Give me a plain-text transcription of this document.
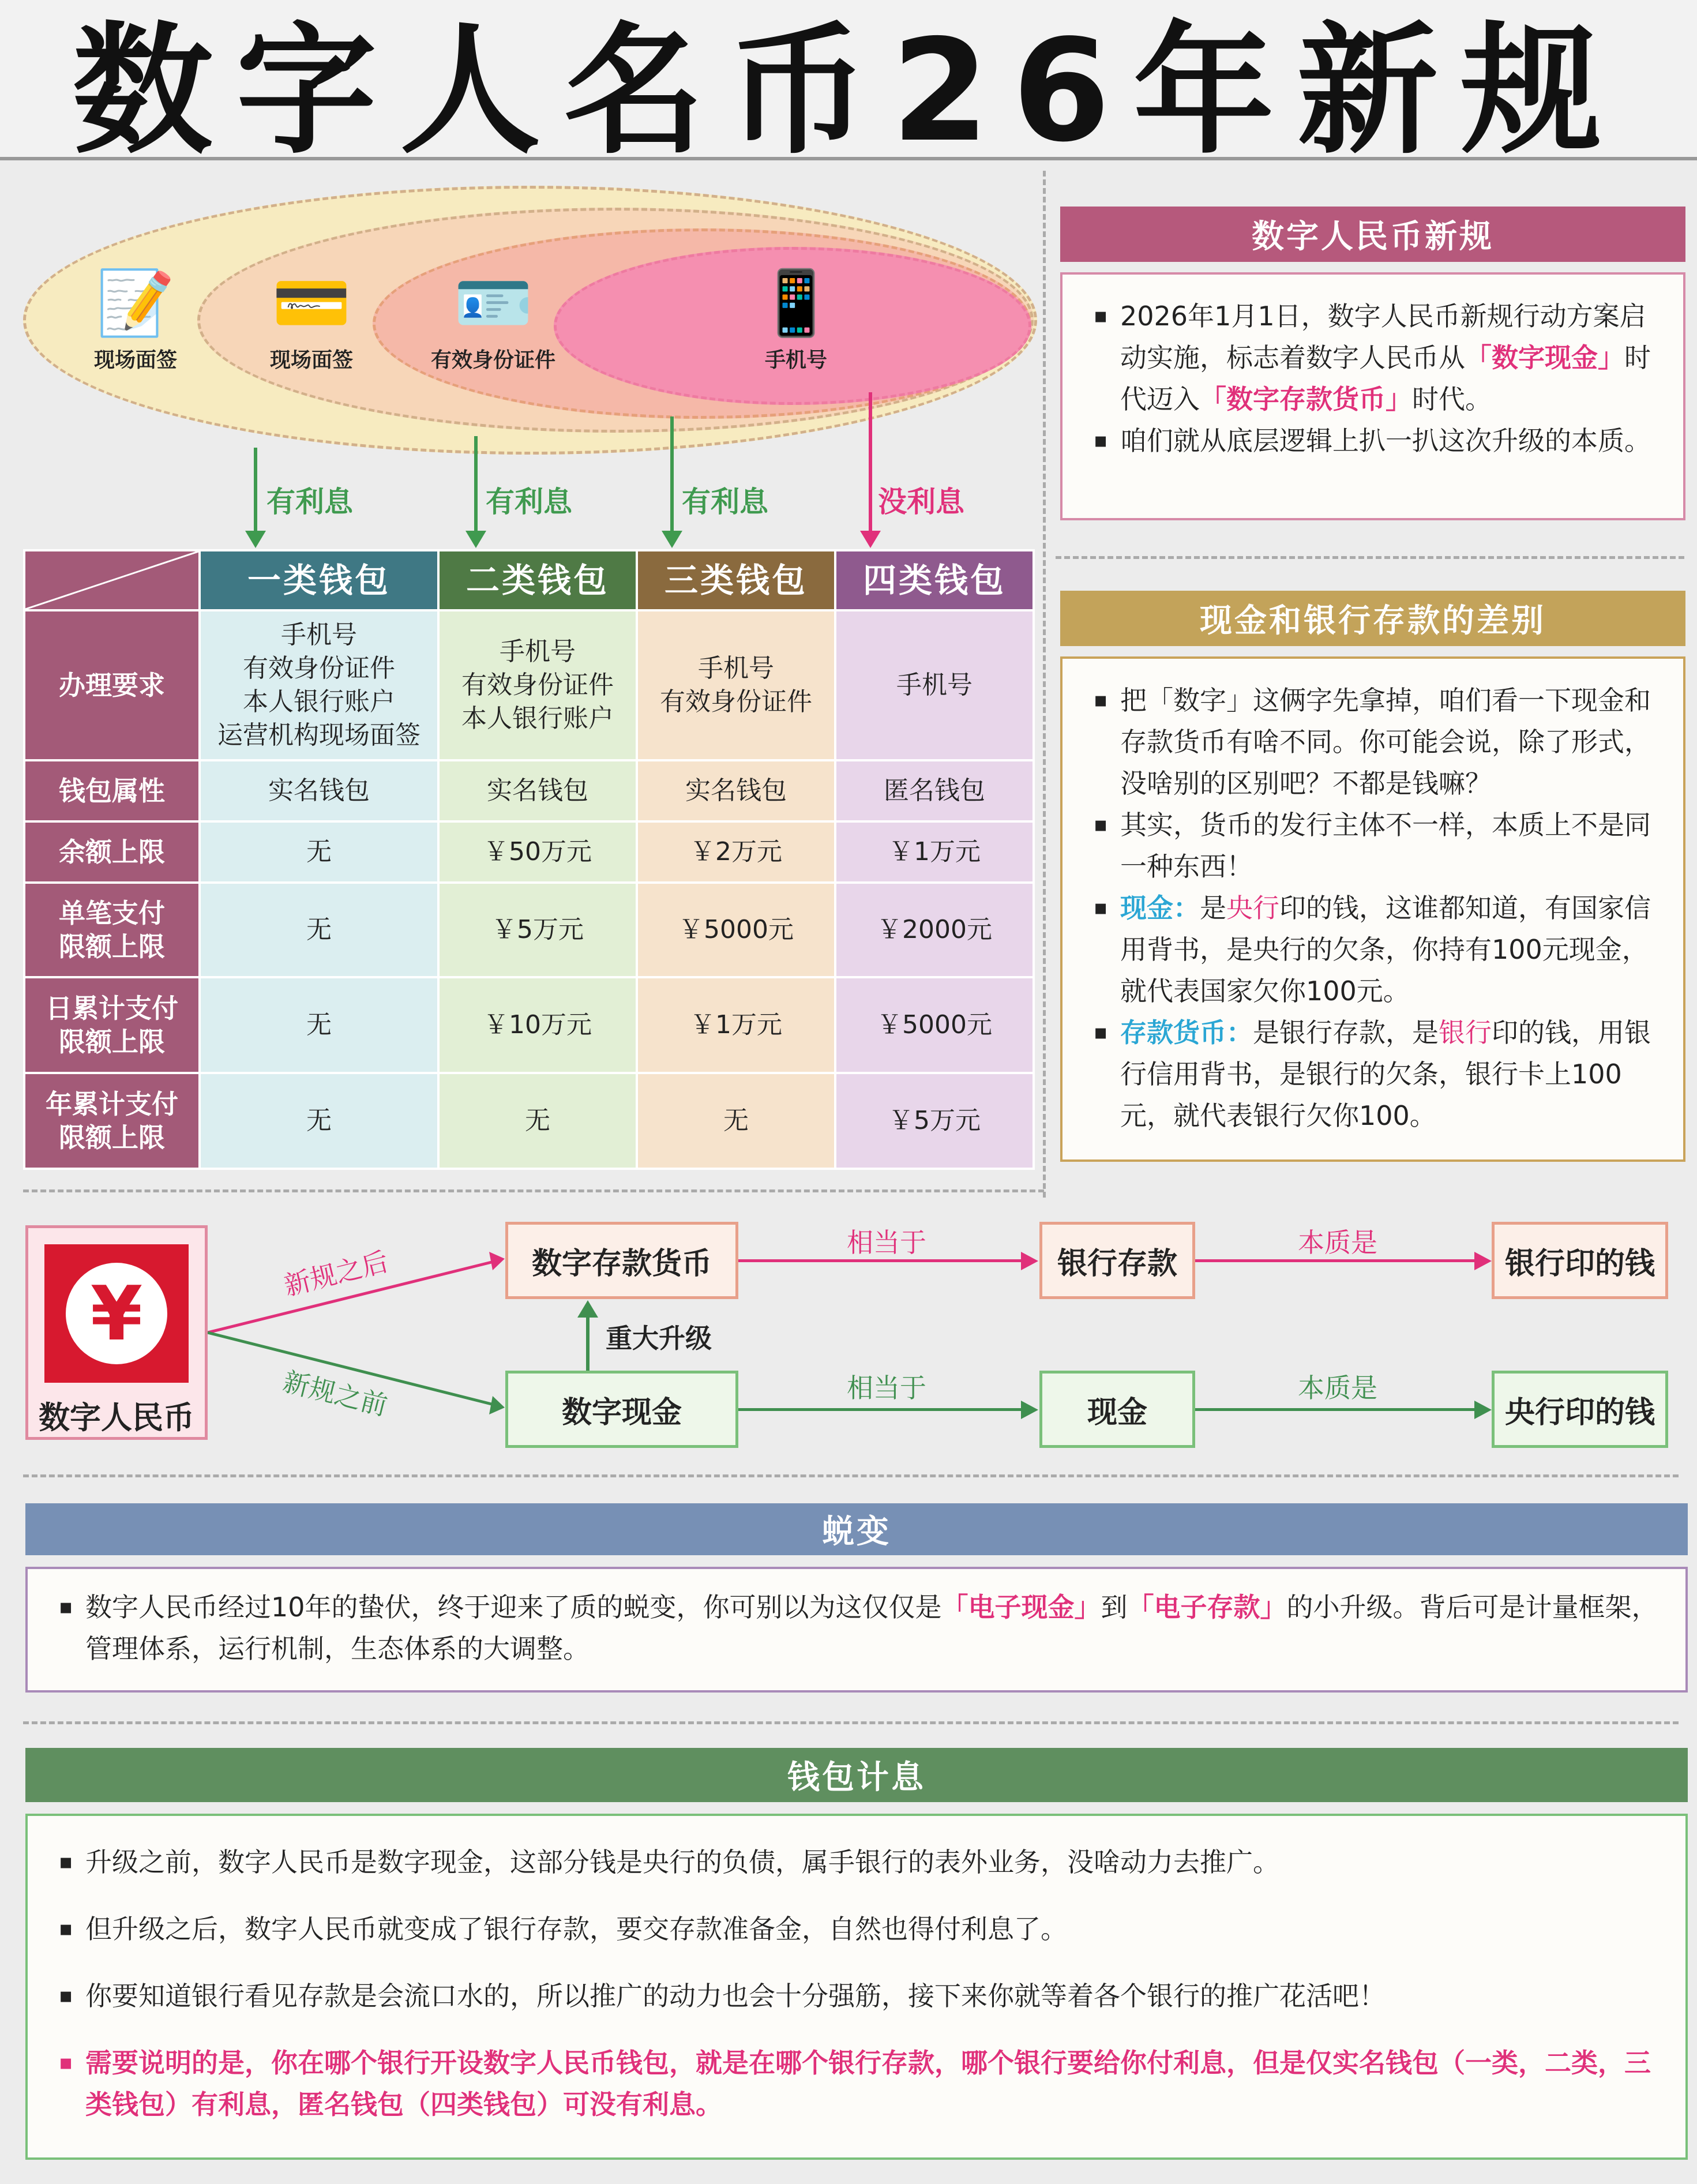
数字人名币26年新规
📝
现场面签
💳
现场面签
🪪
有效身份证件
📱
手机号
有利息	有利息	有利息	没利息
	一类钱包	二类钱包	三类钱包	四类钱包
办理要求	手机号
有效身份证件
本人银行账户
运营机构现场面签	手机号
有效身份证件
本人银行账户	手机号
有效身份证件	手机号
钱包属性	实名钱包	实名钱包	实名钱包	匿名钱包
余额上限	无	￥50万元	￥2万元	￥1万元
单笔支付
限额上限	无	￥5万元	￥5000元	￥2000元
日累计支付
限额上限	无	￥10万元	￥1万元	￥5000元
年累计支付
限额上限	无	无	无	￥5万元
数字人民币新规
▪ 2026年1月1日，数字人民币新规行动方案启动实施，标志着数字人民币从「数字现金」时代迈入「数字存款货币」时代。
▪ 咱们就从底层逻辑上扒一扒这次升级的本质。
现金和银行存款的差别
▪ 把「数字」这俩字先拿掉，咱们看一下现金和存款货币有啥不同。你可能会说，除了形式，没啥别的区别吧？不都是钱嘛？
▪ 其实，货币的发行主体不一样，本质上不是同一种东西！
▪ 现金：是央行印的钱，这谁都知道，有国家信用背书，是央行的欠条，你持有100元现金，就代表国家欠你100元。
▪ 存款货币：是银行存款，是银行印的钱，用银行信用背书，是银行的欠条，银行卡上100元，就代表银行欠你100。
¥
数字人民币
新规之后
新规之前
数字存款货币	银行存款	银行印的钱
数字现金	现金	央行印的钱
相当于	本质是
相当于	本质是
重大升级
蜕变
▪ 数字人民币经过10年的蛰伏，终于迎来了质的蜕变，你可别以为这仅仅是「电子现金」到「电子存款」的小升级。背后可是计量框架，管理体系，运行机制，生态体系的大调整。
钱包计息
▪ 升级之前，数字人民币是数字现金，这部分钱是央行的负债，属手银行的表外业务，没啥动力去推广。
▪ 但升级之后，数字人民币就变成了银行存款，要交存款准备金，自然也得付利息了。
▪ 你要知道银行看见存款是会流口水的，所以推广的动力也会十分强筋，接下来你就等着各个银行的推广花活吧！
▪ 需要说明的是，你在哪个银行开设数字人民币钱包，就是在哪个银行存款，哪个银行要给你付利息，但是仅实名钱包（一类，二类，三类钱包）有利息，匿名钱包（四类钱包）可没有利息。
